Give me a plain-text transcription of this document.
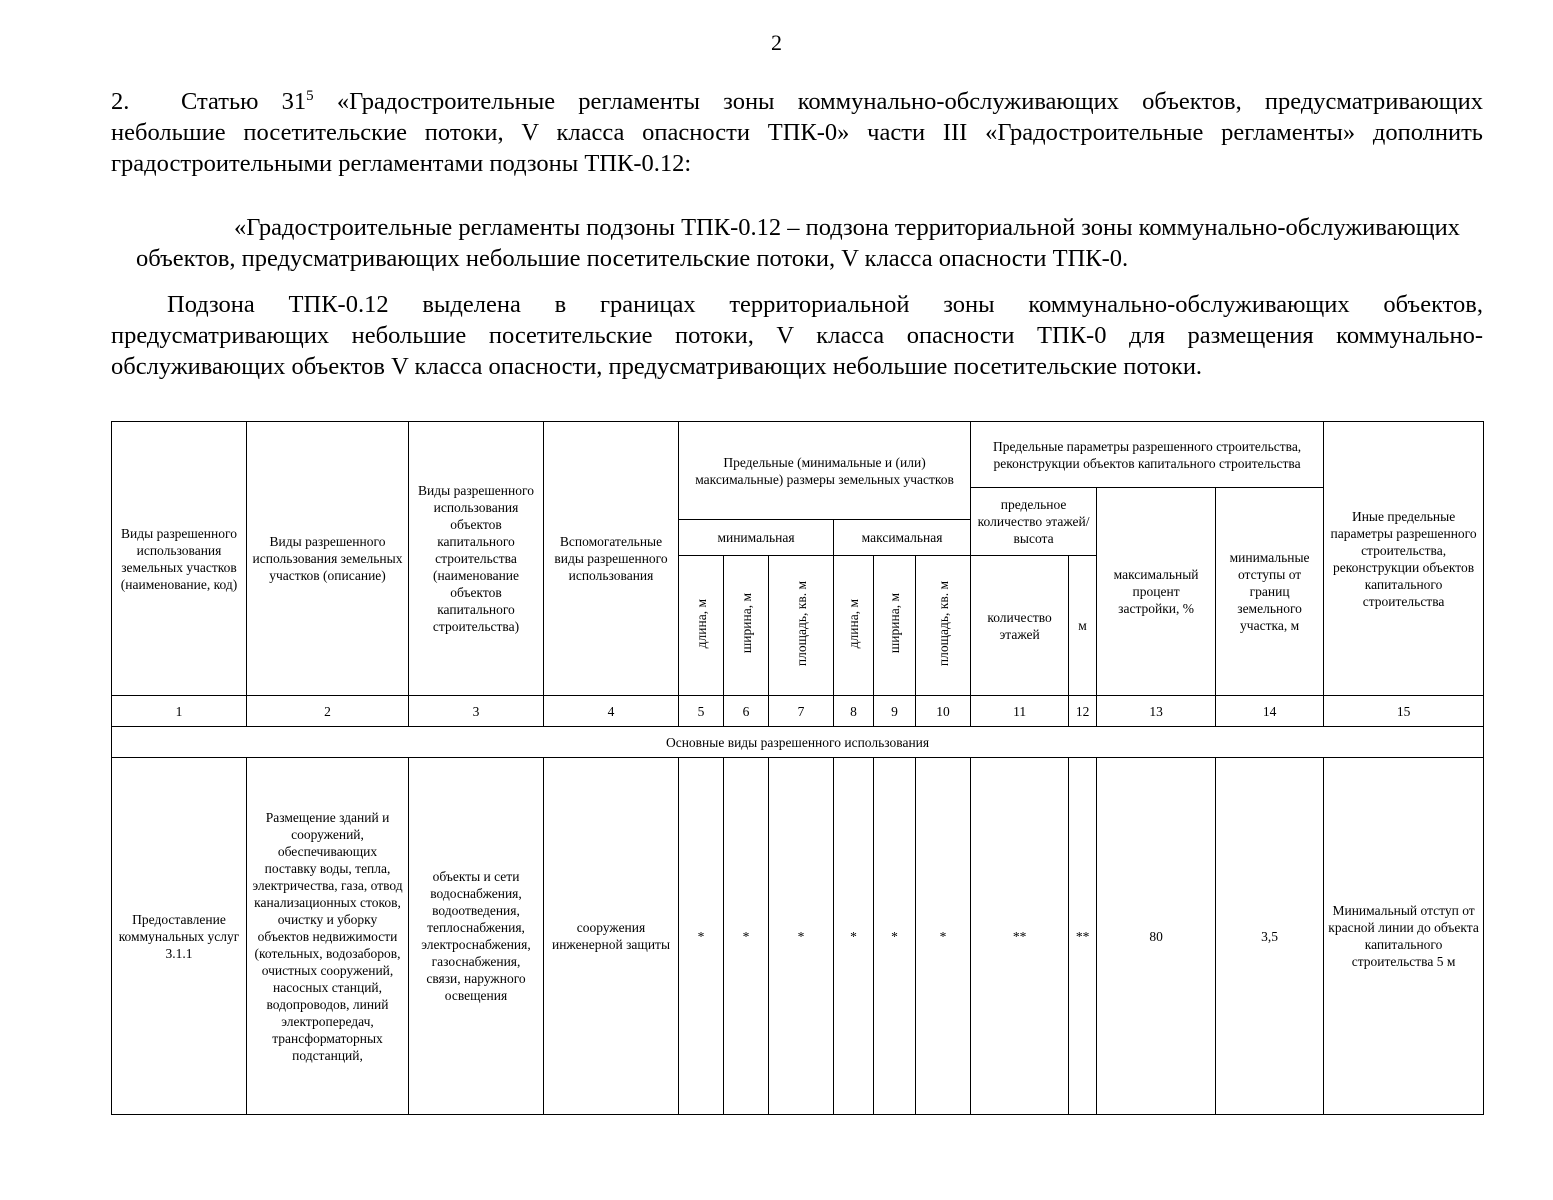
2
2. Статью $31^5$ «Градостроительные регламенты зоны коммунально-обслуживающих объектов, предусматривающих небольшие посетительские потоки, V класса опасности ТПК-0» части III «Градостроительные регламенты» дополнить градостроительными регламентами подзоны ТПК-0.12:
«Градостроительные регламенты подзоны ТПК-0.12 – подзона территориальной зоны коммунально-обслуживающих объектов, предусматривающих небольшие посетительские потоки, V класса опасности ТПК-0.
Подзона ТПК-0.12 выделена в границах территориальной зоны коммунально-обслуживающих объектов, предусматривающих небольшие посетительские потоки, V класса опасности ТПК-0 для размещения коммунально-обслуживающих объектов V класса опасности, предусматривающих небольшие посетительские потоки.
Виды разрешенного использования земельных участков (наименование, код)	Виды разрешенного использования земельных участков (описание)	Виды разрешенного использования объектов капитального строительства (наименование объектов капитального строительства)	Вспомогательные виды разрешенного использования	Предельные (минимальные и (или) максимальные) размеры земельных участков						Предельные параметры разрешенного строительства, реконструкции объектов капитального строительства				Иные предельные параметры разрешенного строительства, реконструкции объектов капитального строительства
										предельное количество этажей/высота		максимальный процент застройки, %	минимальные отступы от границ земельного участка, м	
				минимальная			максимальная							
				длина, м	ширина, м	площадь, кв. м	длина, м	ширина, м	площадь, кв. м	количество этажей	м			
1	2	3	4	5	6	7	8	9	10	11	12	13	14	15
Основные виды разрешенного использования														
Предоставление коммунальных услуг 3.1.1	Размещение зданий и сооружений, обеспечивающих поставку воды, тепла, электричества, газа, отвод канализационных стоков, очистку и уборку объектов недвижимости (котельных, водозаборов, очистных сооружений, насосных станций, водопроводов, линий электропередач, трансформаторных подстанций,	объекты и сети водоснабжения, водоотведения, теплоснабжения, электроснабжения, газоснабжения, связи, наружного освещения	сооружения инженерной защиты	*	*	*	*	*	*	**	**	80	3,5	Минимальный отступ от красной линии до объекта капитального строительства 5 м
